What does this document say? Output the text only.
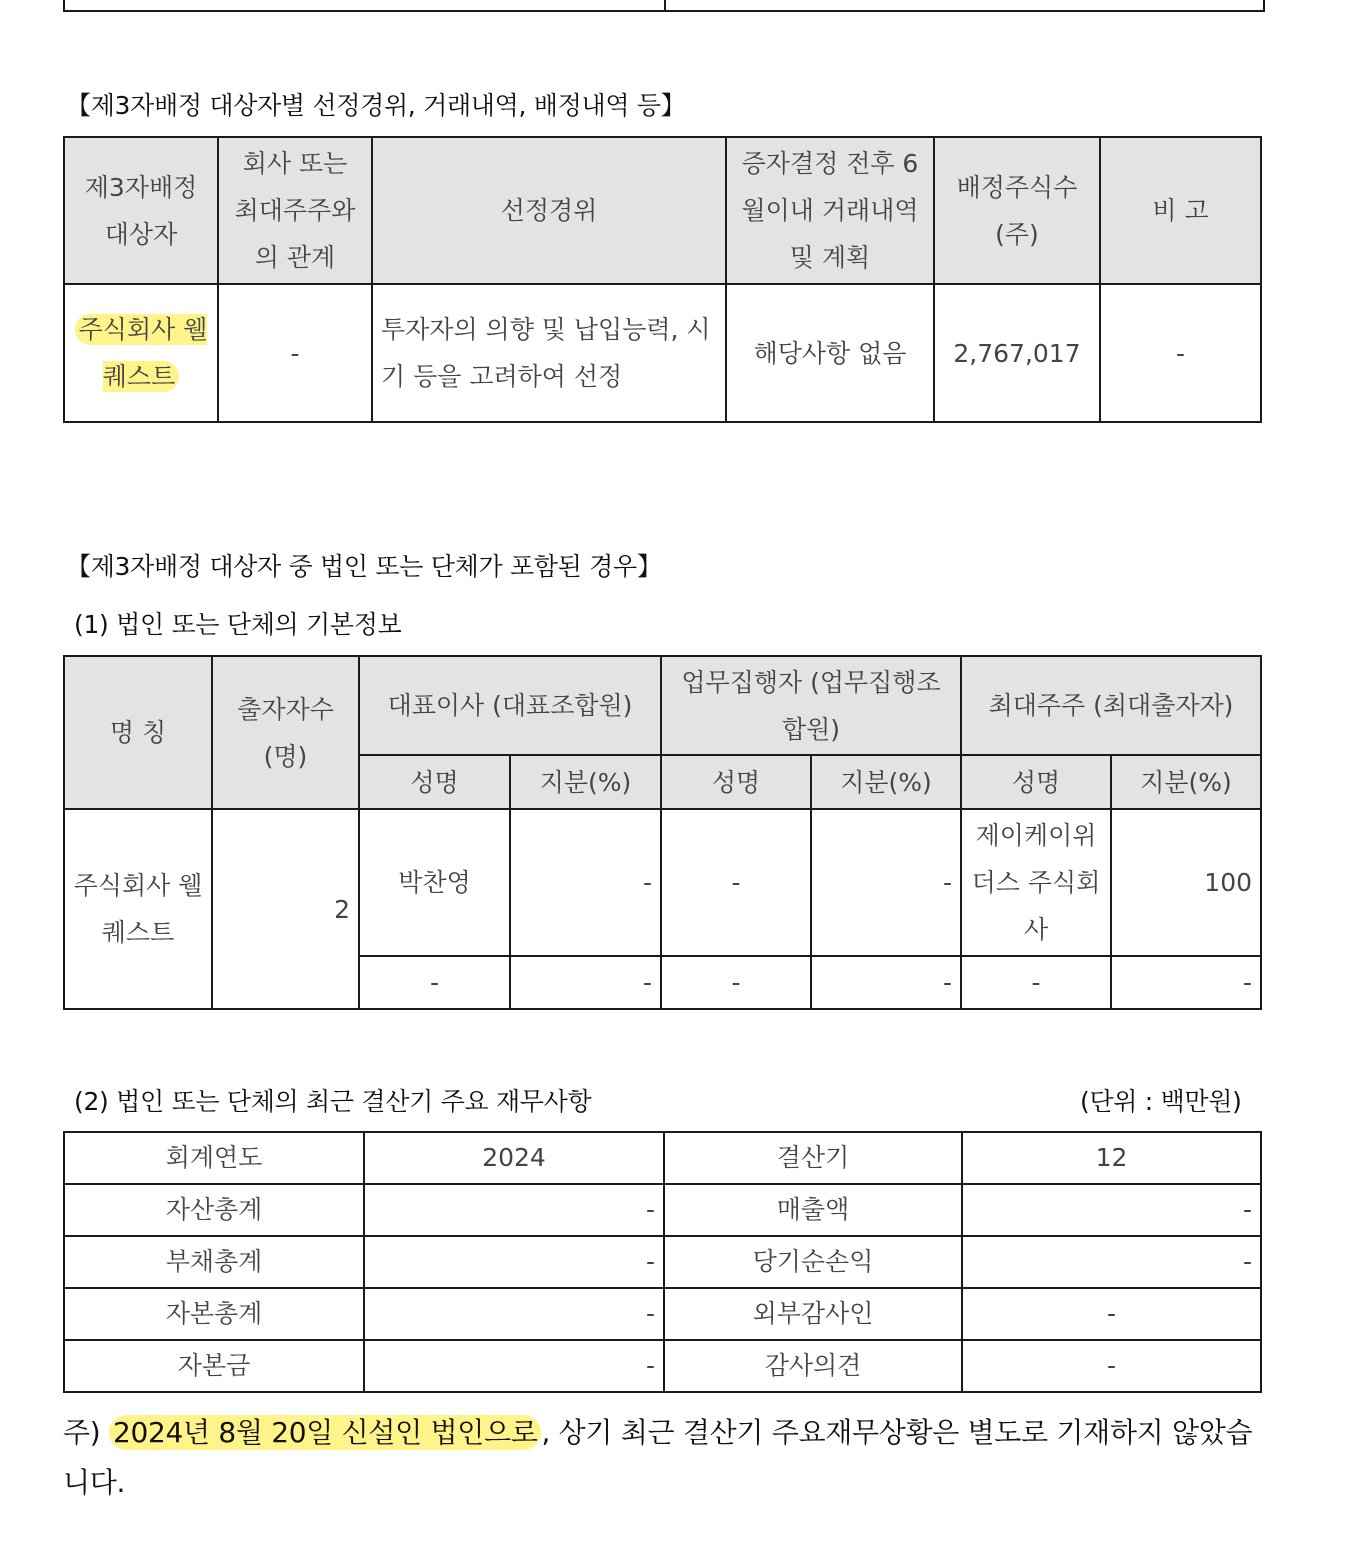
【제3자배정 대상자별 선정경위, 거래내역, 배정내역 등】
제3자배정 대상자	회사 또는 최대주주와의 관계	선정경위	증자결정 전후 6월이내 거래내역 및 계획	배정주식수 (주)	비 고
주식회사 웰퀘스트	-	투자자의 의향 및 납입능력, 시기 등을 고려하여 선정	해당사항 없음	2,767,017	-
【제3자배정 대상자 중 법인 또는 단체가 포함된 경우】
(1) 법인 또는 단체의 기본정보
명 칭	출자자수 (명)	대표이사 (대표조합원)		업무집행자 (업무집행조합원)		최대주주 (최대출자자)	
		성명	지분(%)	성명	지분(%)	성명	지분(%)
주식회사 웰퀘스트	2	박찬영	-	-	-	제이케이위더스 주식회사	100
		-	-	-	-	-	-
(2) 법인 또는 단체의 최근 결산기 주요 재무사항	(단위 : 백만원)
회계연도	2024	결산기	12
자산총계	-	매출액	-
부채총계	-	당기순손익	-
자본총계	-	외부감사인	-
자본금	-	감사의견	-
주) 2024년 8월 20일 신설인 법인으로 , 상기 최근 결산기 주요재무상황은 별도로 기재하지 않았습니다.
